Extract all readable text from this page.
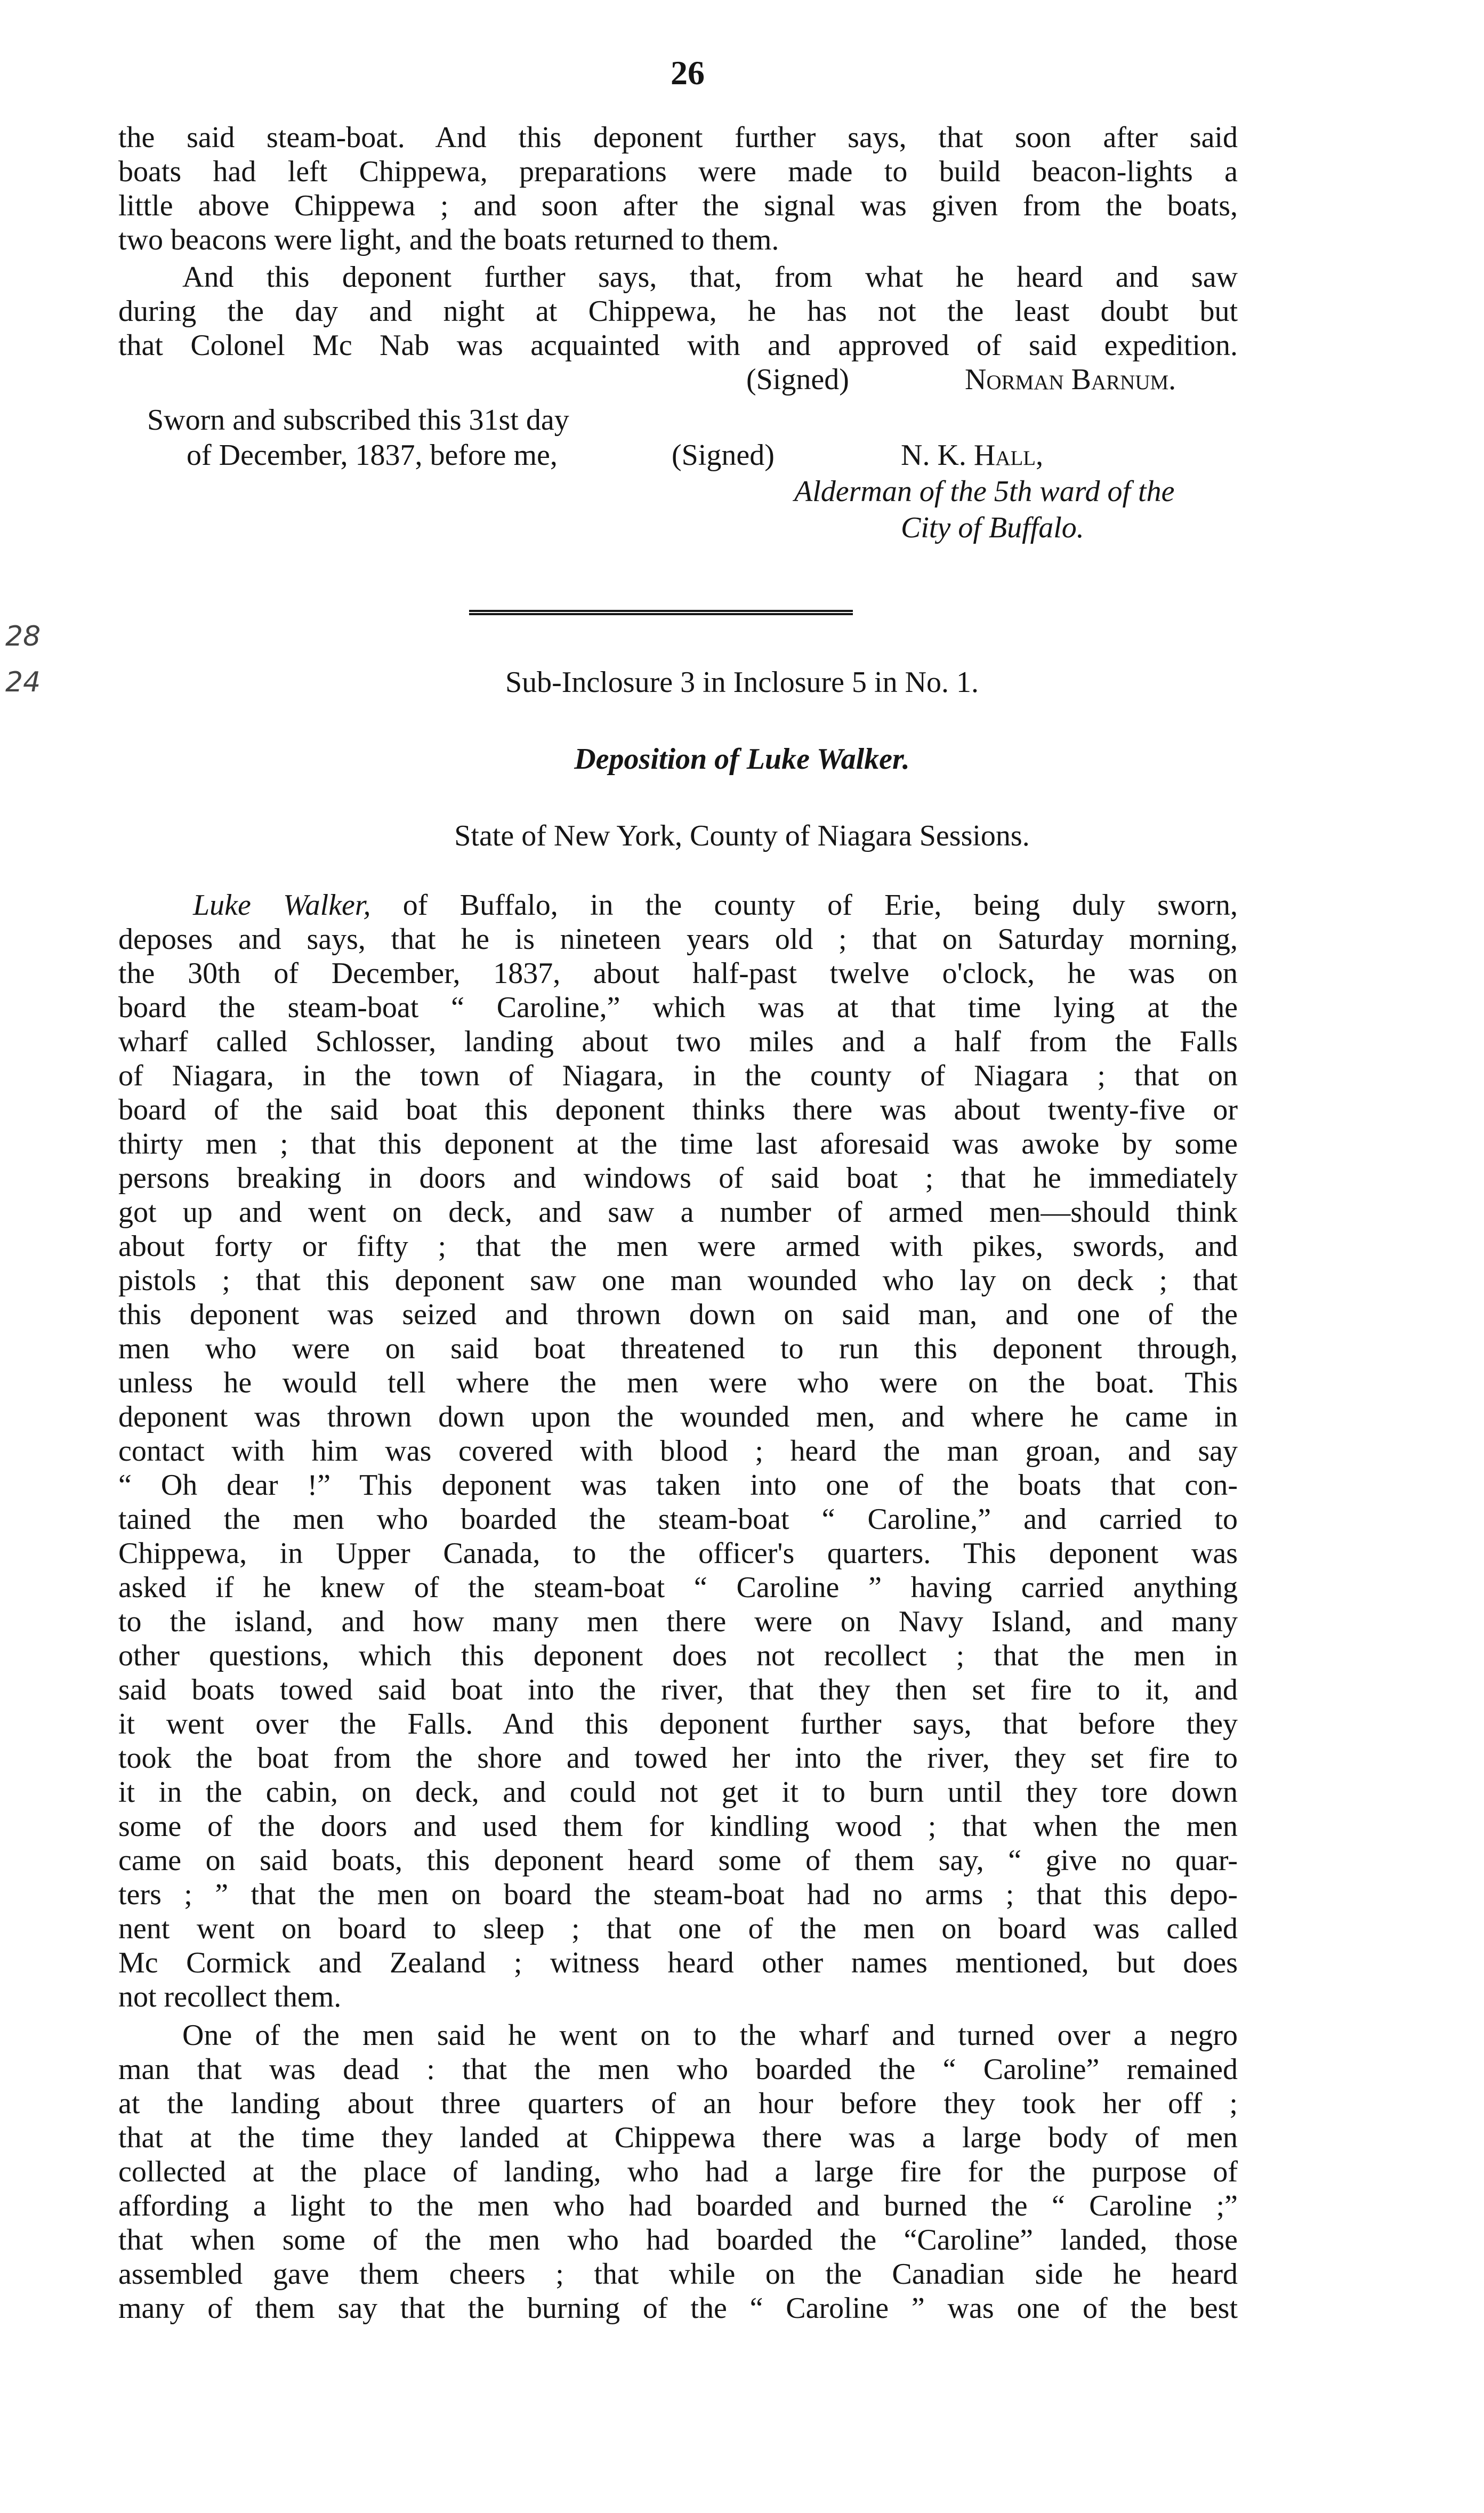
26
the said steam-boat. And this deponent further says, that soon after said
boats had left Chippewa, preparations were made to build beacon-lights a
little above Chippewa ; and soon after the signal was given from the boats,
two beacons were light, and the boats returned to them.
And this deponent further says, that, from what he heard and saw
during the day and night at Chippewa, he has not the least doubt but
that Colonel Mc Nab was acquainted with and approved of said expedition.
(Signed)	Norman Barnum.
Sworn and subscribed this 31st day
of December, 1837, before me,	(Signed)	N. K. Hall,
Alderman of the 5th ward of the
City of Buffalo.
28
24	Sub-Inclosure 3 in Inclosure 5 in No. 1.
Deposition of Luke Walker.
State of New York, County of Niagara Sessions.
Luke Walker, of Buffalo, in the county of Erie, being duly sworn,
deposes and says, that he is nineteen years old ; that on Saturday morning,
the 30th of December, 1837, about half-past twelve o'clock, he was on
board the steam-boat “ Caroline,” which was at that time lying at the
wharf called Schlosser, landing about two miles and a half from the Falls
of Niagara, in the town of Niagara, in the county of Niagara ; that on
board of the said boat this deponent thinks there was about twenty-five or
thirty men ; that this deponent at the time last aforesaid was awoke by some
persons breaking in doors and windows of said boat ; that he immediately
got up and went on deck, and saw a number of armed men—should think
about forty or fifty ; that the men were armed with pikes, swords, and
pistols ; that this deponent saw one man wounded who lay on deck ; that
this deponent was seized and thrown down on said man, and one of the
men who were on said boat threatened to run this deponent through,
unless he would tell where the men were who were on the boat. This
deponent was thrown down upon the wounded men, and where he came in
contact with him was covered with blood ; heard the man groan, and say
“ Oh dear !” This deponent was taken into one of the boats that con-
tained the men who boarded the steam-boat “ Caroline,” and carried to
Chippewa, in Upper Canada, to the officer's quarters. This deponent was
asked if he knew of the steam-boat “ Caroline ” having carried anything
to the island, and how many men there were on Navy Island, and many
other questions, which this deponent does not recollect ; that the men in
said boats towed said boat into the river, that they then set fire to it, and
it went over the Falls. And this deponent further says, that before they
took the boat from the shore and towed her into the river, they set fire to
it in the cabin, on deck, and could not get it to burn until they tore down
some of the doors and used them for kindling wood ; that when the men
came on said boats, this deponent heard some of them say, “ give no quar-
ters ; ” that the men on board the steam-boat had no arms ; that this depo-
nent went on board to sleep ; that one of the men on board was called
Mc Cormick and Zealand ; witness heard other names mentioned, but does
not recollect them.
One of the men said he went on to the wharf and turned over a negro
man that was dead : that the men who boarded the “ Caroline” remained
at the landing about three quarters of an hour before they took her off ;
that at the time they landed at Chippewa there was a large body of men
collected at the place of landing, who had a large fire for the purpose of
affording a light to the men who had boarded and burned the “ Caroline ;”
that when some of the men who had boarded the “Caroline” landed, those
assembled gave them cheers ; that while on the Canadian side he heard
many of them say that the burning of the “ Caroline ” was one of the best
